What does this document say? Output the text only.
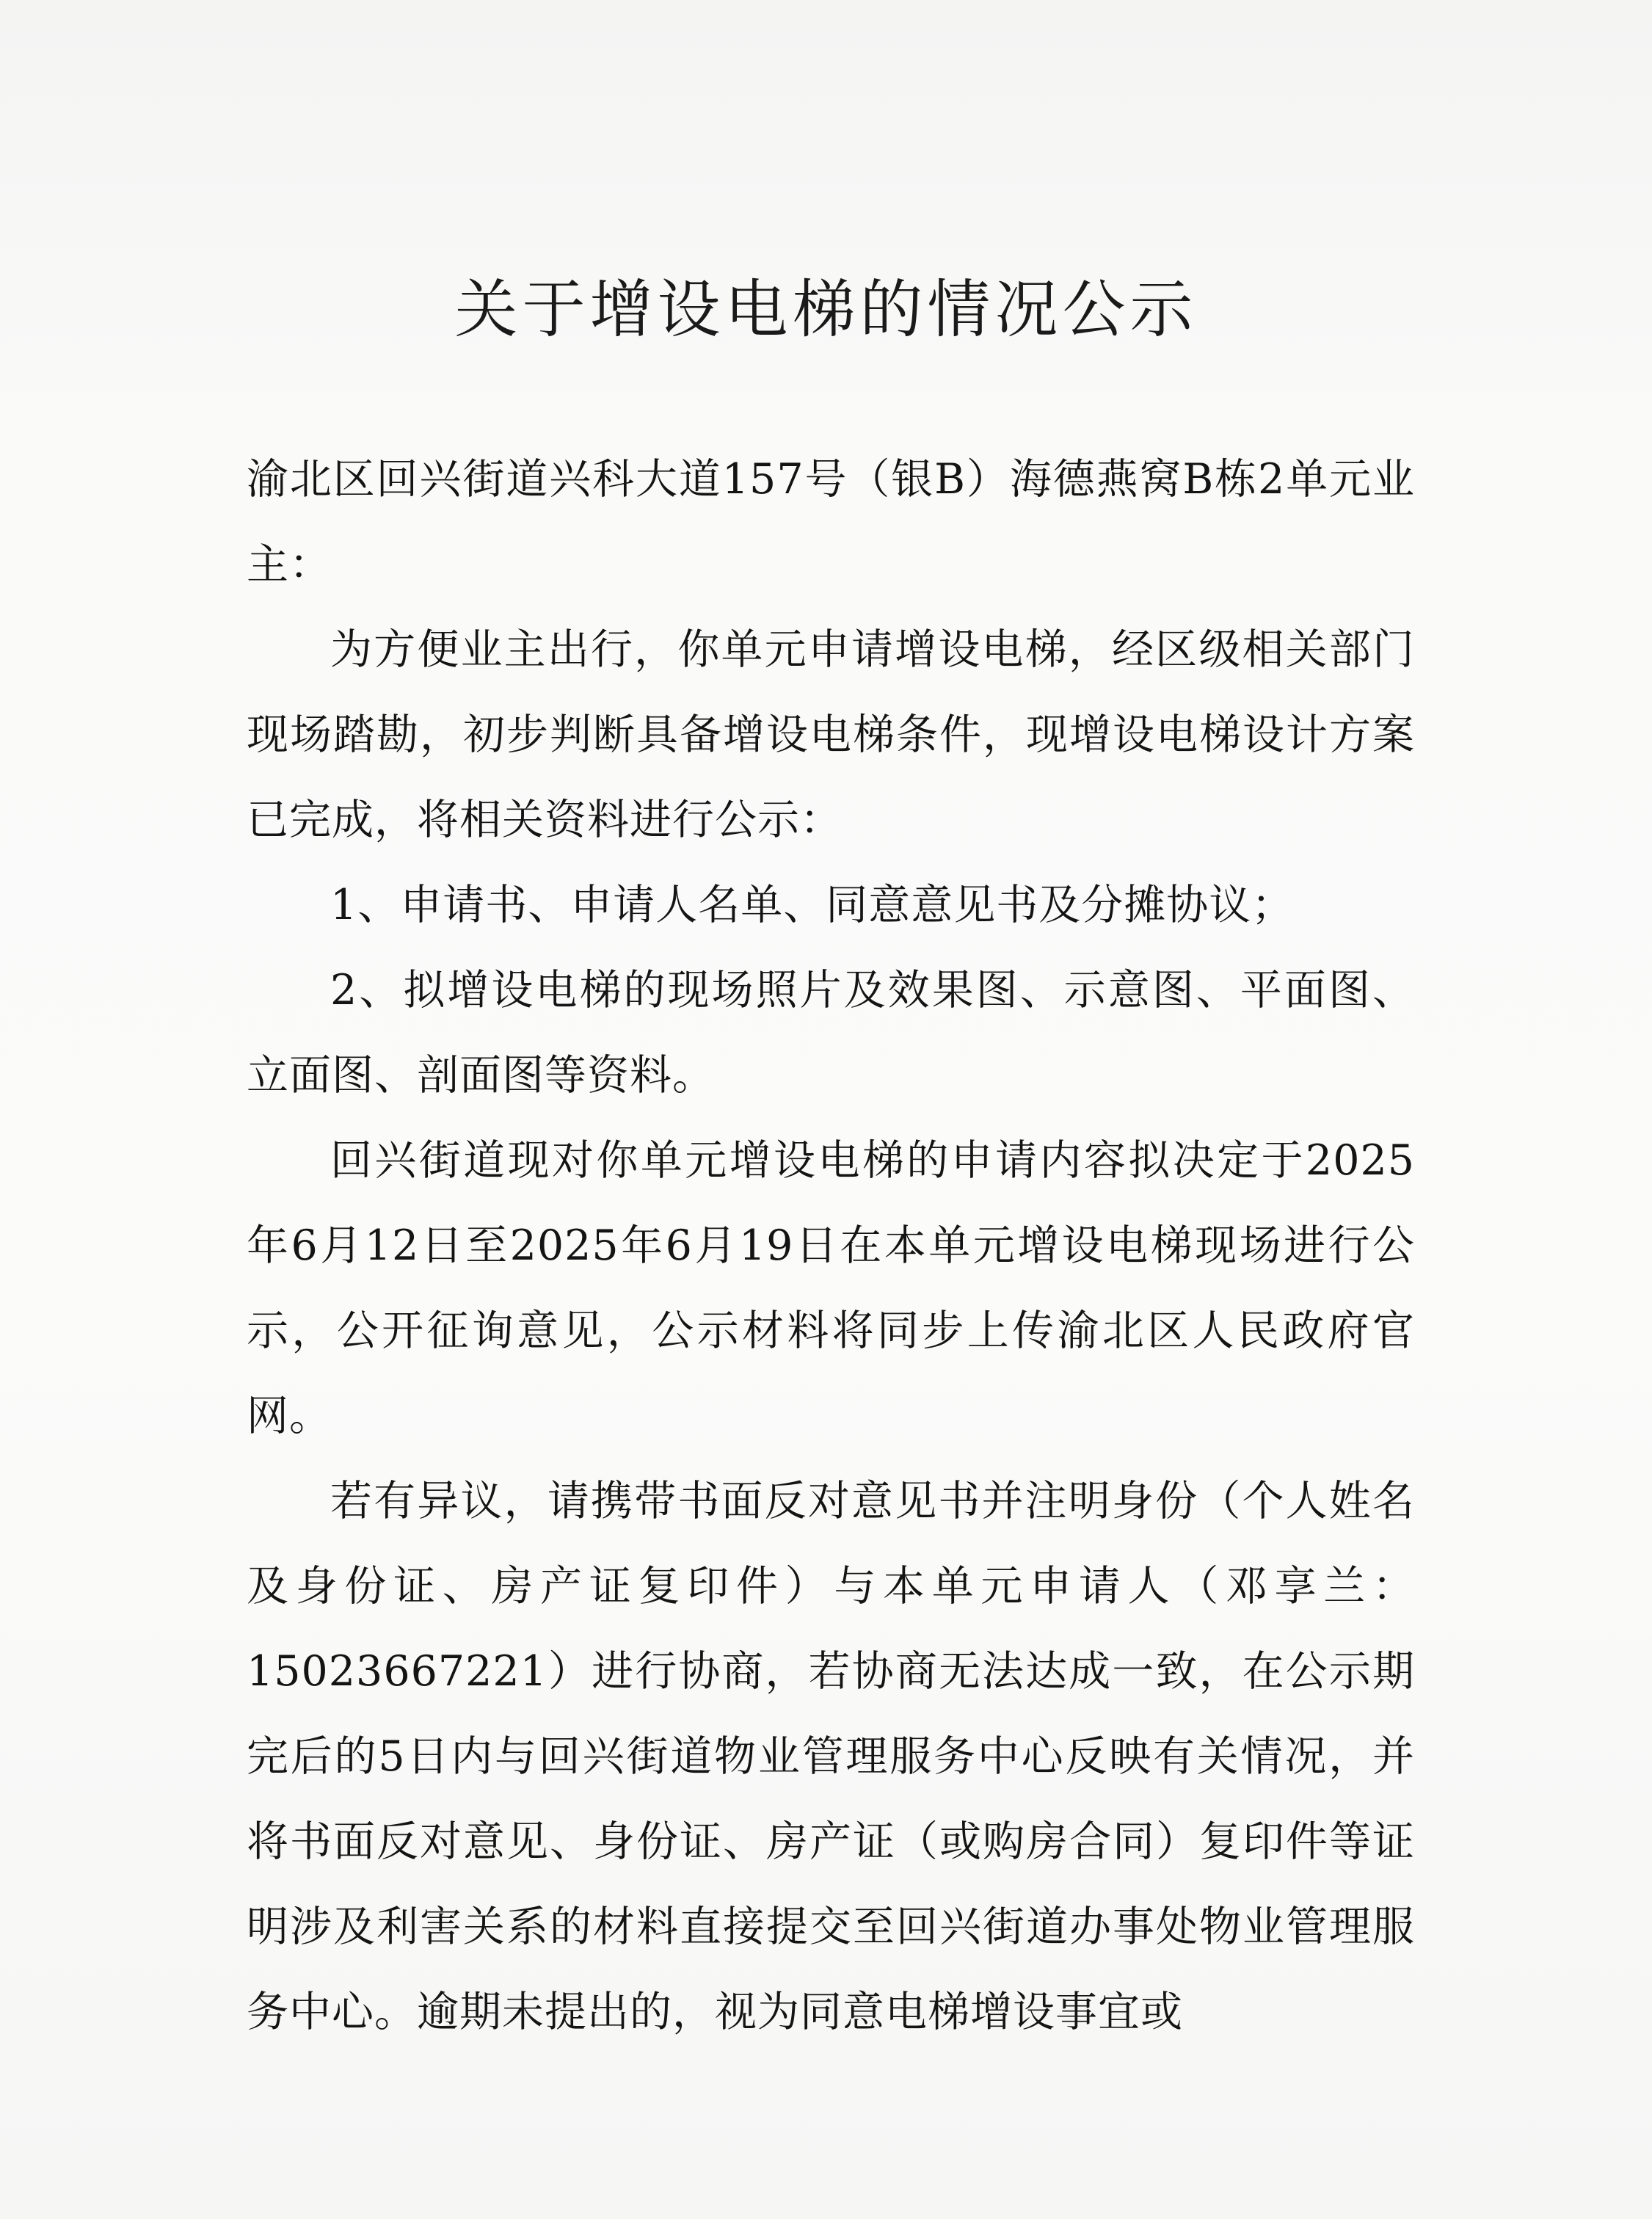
关于增设电梯的情况公示

渝北区回兴街道兴科大道157号（银B）海德燕窝B栋2单元业主：

为方便业主出行，你单元申请增设电梯，经区级相关部门现场踏勘，初步判断具备增设电梯条件，现增设电梯设计方案已完成，将相关资料进行公示：

1、申请书、申请人名单、同意意见书及分摊协议；

2、拟增设电梯的现场照片及效果图、示意图、平面图、立面图、剖面图等资料。

回兴街道现对你单元增设电梯的申请内容拟决定于2025年6月12日至2025年6月19日在本单元增设电梯现场进行公示，公开征询意见，公示材料将同步上传渝北区人民政府官网。

若有异议，请携带书面反对意见书并注明身份（个人姓名及身份证、房产证复印件）与本单元申请人（邓享兰：15023667221）进行协商，若协商无法达成一致，在公示期完后的5日内与回兴街道物业管理服务中心反映有关情况，并将书面反对意见、身份证、房产证（或购房合同）复印件等证明涉及利害关系的材料直接提交至回兴街道办事处物业管理服务中心。逾期未提出的，视为同意电梯增设事宜或
